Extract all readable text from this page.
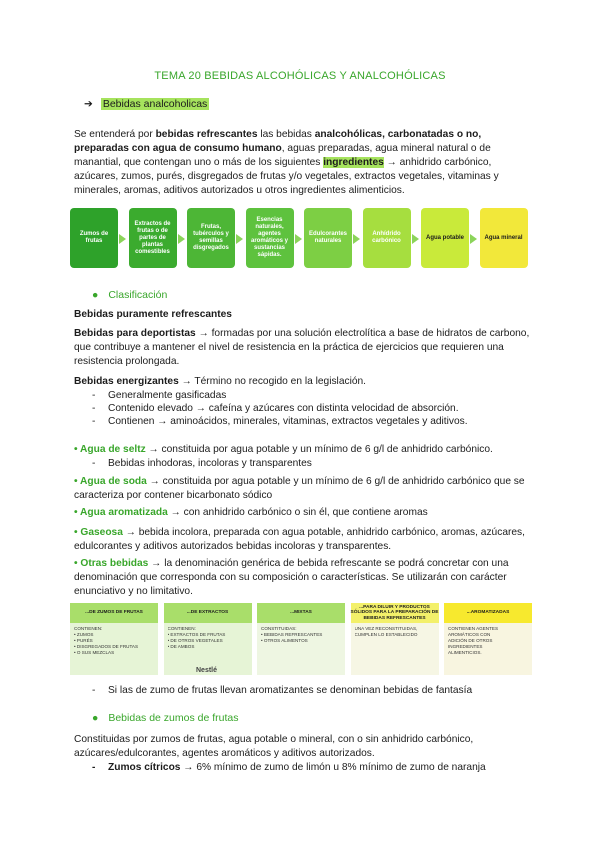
TEMA 20 BEBIDAS ALCOHÓLICAS Y ANALCOHÓLICAS
➔ Bebidas analcoholicas
Se entenderá por bebidas refrescantes las bebidas analcohólicas, carbonatadas o no, preparadas con agua de consumo humano, aguas preparadas, agua mineral natural o de manantial, que contengan uno o más de los siguientes ingredientes → anhidrido carbónico, azúcares, zumos, purés, disgregados de frutas y/o vegetales, extractos vegetales, vitaminas y minerales, aromas, aditivos autorizados u otros ingredientes alimenticios.
Zumos de frutas
Extractos de frutas o de partes de plantas comestibles
Frutas, tubérculos y semillas disgregados
Esencias naturales, agentes aromáticos y sustancias sápidas.
Edulcorantes naturales
Anhídrido carbónico
Agua potable	Agua mineral
● Clasificación
Bebidas puramente refrescantes
Bebidas para deportistas → formadas por una solución electrolítica a base de hidratos de carbono, que contribuye a mantener el nivel de resistencia en la práctica de ejercicios que requieren una resistencia prolongada.
Bebidas energizantes → Término no recogido en la legislación.
- Generalmente gasificadas
- Contenido elevado → cafeína y azúcares con distinta velocidad de absorción.
- Contienen → aminoácidos, minerales, vitaminas, extractos vegetales y aditivos.
• Agua de seltz → constituida por agua potable y un mínimo de 6 g/l de anhidrido carbónico.
- Bebidas inhodoras, incoloras y transparentes
• Agua de soda → constituida por agua potable y un mínimo de 6 g/l de anhidrido carbónico que se caracteriza por contener bicarbonato sódico
• Agua aromatizada → con anhidrido carbónico o sin él, que contiene aromas
• Gaseosa → bebida incolora, preparada con agua potable, anhidrido carbónico, aromas, azúcares, edulcorantes y aditivos autorizados bebidas incoloras y transparentes.
• Otras bebidas → la denominación genérica de bebida refrescante se podrá concretar con una denominación que corresponda con su composición o características. Se utilizarán con carácter enunciativo y no limitativo.
...DE ZUMOS DE FRUTAS
CONTIENEN:
• ZUMOS
• PURÉS
• DISGREGADOS DE FRUTAS
• O SUS MEZCLAS
...DE EXTRACTOS
CONTIENEN:
• EXTRACTOS DE FRUTAS
• DE OTROS VEGETALES
• DE AMBOS
...MIXTAS
CONSTITUIDAS:
• BEBIDAS REFRESCANTES
• OTROS ALIMENTOS
...PARA DILUIR Y PRODUCTOS SÓLIDOS PARA LA PREPARACIÓN DE BEBIDAS REFRESCANTES
UNA VEZ RECONSTITUIDAS,
CUMPLEN LO ESTABLECIDO
...AROMATIZADAS
CONTIENEN AGENTES
AROMÁTICOS CON
ADICIÓN DE OTROS
INGREDIENTES
ALIMENTICIOS.
Nestlé
- Si las de zumo de frutas llevan aromatizantes se denominan bebidas de fantasía
● Bebidas de zumos de frutas
Constituidas por zumos de frutas, agua potable o mineral, con o sin anhidrido carbónico, azúcares/edulcorantes, agentes aromáticos y aditivos autorizados.
- Zumos cítricos → 6% mínimo de zumo de limón u 8% mínimo de zumo de naranja
